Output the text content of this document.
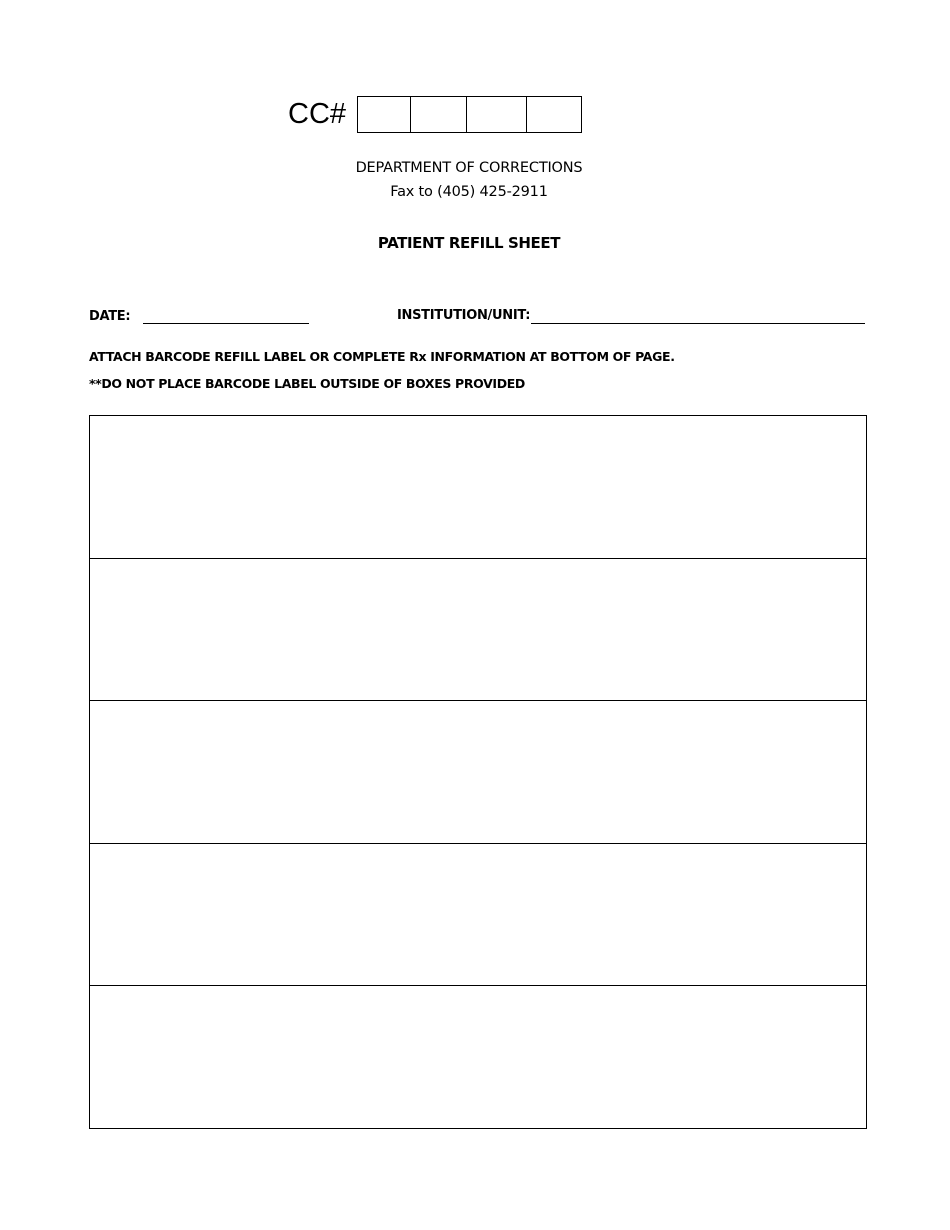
CC#
DEPARTMENT OF CORRECTIONS
Fax to (405) 425-2911
PATIENT REFILL SHEET
DATE:	INSTITUTION/UNIT:
ATTACH BARCODE REFILL LABEL OR COMPLETE Rx INFORMATION AT BOTTOM OF PAGE.
**DO NOT PLACE BARCODE LABEL OUTSIDE OF BOXES PROVIDED
